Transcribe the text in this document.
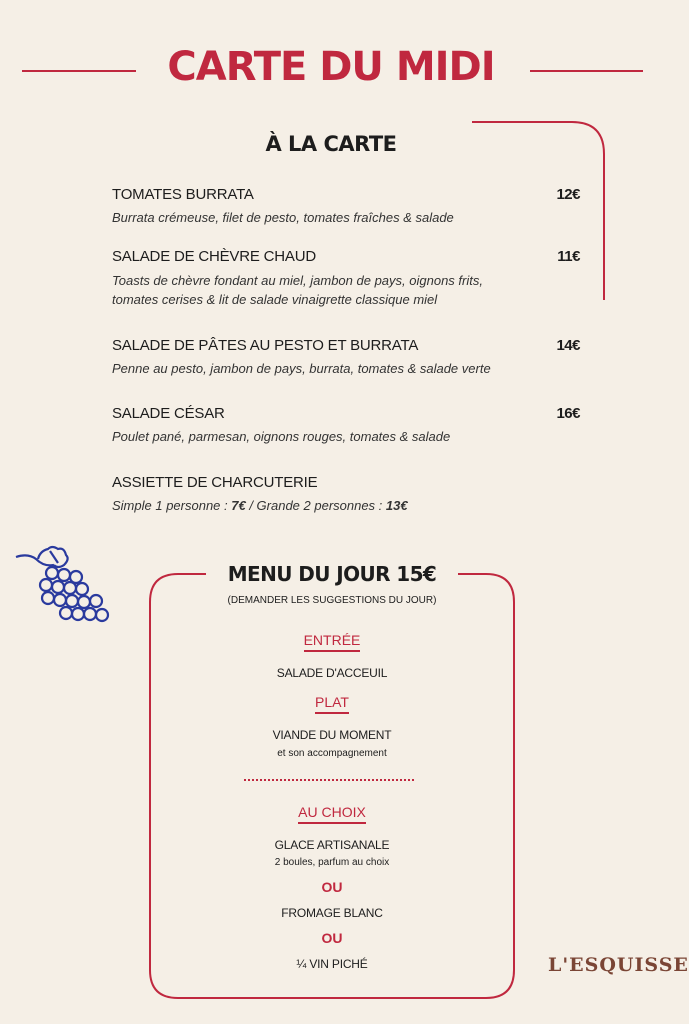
CARTE DU MIDI
À LA CARTE
TOMATES BURRATA	12€
Burrata crémeuse, filet de pesto, tomates fraîches & salade
SALADE DE CHÈVRE CHAUD	11€
Toasts de chèvre fondant au miel, jambon de pays, oignons frits,
tomates cerises & lit de salade vinaigrette classique miel
SALADE DE PÂTES AU PESTO ET BURRATA	14€
Penne au pesto, jambon de pays, burrata, tomates & salade verte
SALADE CÉSAR	16€
Poulet pané, parmesan, oignons rouges, tomates & salade
ASSIETTE DE CHARCUTERIE
Simple 1 personne : 7€ / Grande 2 personnes : 13€
MENU DU JOUR 15€
(DEMANDER LES SUGGESTIONS DU JOUR)
ENTRÉE
SALADE D'ACCEUIL
PLAT
VIANDE DU MOMENT
et son accompagnement
AU CHOIX
GLACE ARTISANALE
2 boules, parfum au choix
OU
FROMAGE BLANC
OU
¼ VIN PICHÉ	L'ESQUISSE
